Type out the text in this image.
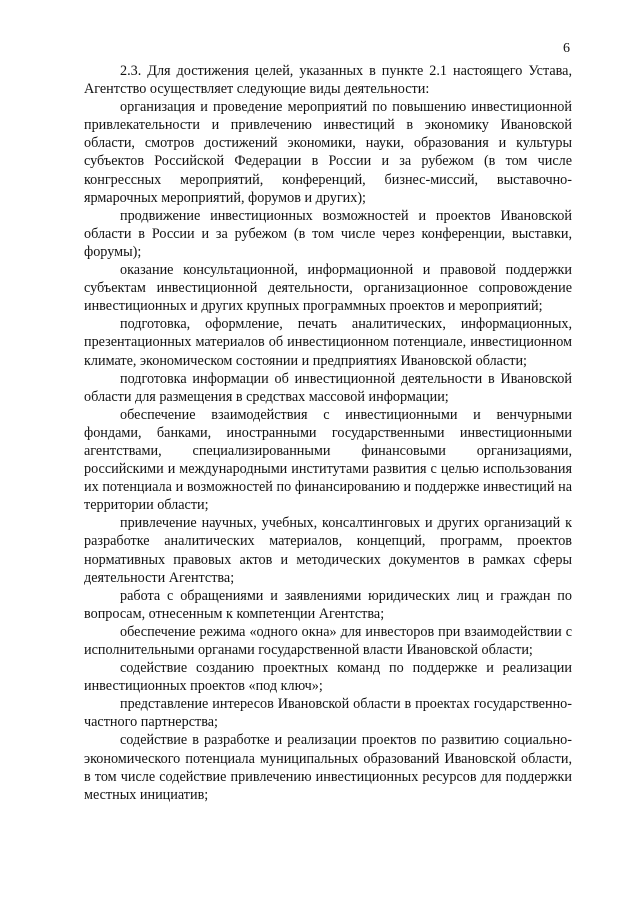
6

2.3. Для достижения целей, указанных в пункте 2.1 настоящего Устава, Агентство осуществляет следующие виды деятельности:

организация и проведение мероприятий по повышению инвестиционной привлекательности и привлечению инвестиций в экономику Ивановской области, смотров достижений экономики, науки, образования и культуры субъектов Российской Федерации в России и за рубежом (в том числе конгрессных мероприятий, конференций, бизнес-миссий, выставочно-ярмарочных мероприятий, форумов и других);

продвижение инвестиционных возможностей и проектов Ивановской области в России и за рубежом (в том числе через конференции, выставки, форумы);

оказание консультационной, информационной и правовой поддержки субъектам инвестиционной деятельности, организационное сопровождение инвестиционных и других крупных программных проектов и мероприятий;

подготовка, оформление, печать аналитических, информационных, презентационных материалов об инвестиционном потенциале, инвестиционном климате, экономическом состоянии и предприятиях Ивановской области;

подготовка информации об инвестиционной деятельности в Ивановской области для размещения в средствах массовой информации;

обеспечение взаимодействия с инвестиционными и венчурными фондами, банками, иностранными государственными инвестиционными агентствами, специализированными финансовыми организациями, российскими и международными институтами развития с целью использования их потенциала и возможностей по финансированию и поддержке инвестиций на территории области;

привлечение научных, учебных, консалтинговых и других организаций к разработке аналитических материалов, концепций, программ, проектов нормативных правовых актов и методических документов в рамках сферы деятельности Агентства;

работа с обращениями и заявлениями юридических лиц и граждан по вопросам, отнесенным к компетенции Агентства;

обеспечение режима «одного окна» для инвесторов при взаимодействии с исполнительными органами государственной власти Ивановской области;

содействие созданию проектных команд по поддержке и реализации инвестиционных проектов «под ключ»;

представление интересов Ивановской области в проектах государственно-частного партнерства;

содействие в разработке и реализации проектов по развитию социально-экономического потенциала муниципальных образований Ивановской области, в том числе содействие привлечению инвестиционных ресурсов для поддержки местных инициатив;
